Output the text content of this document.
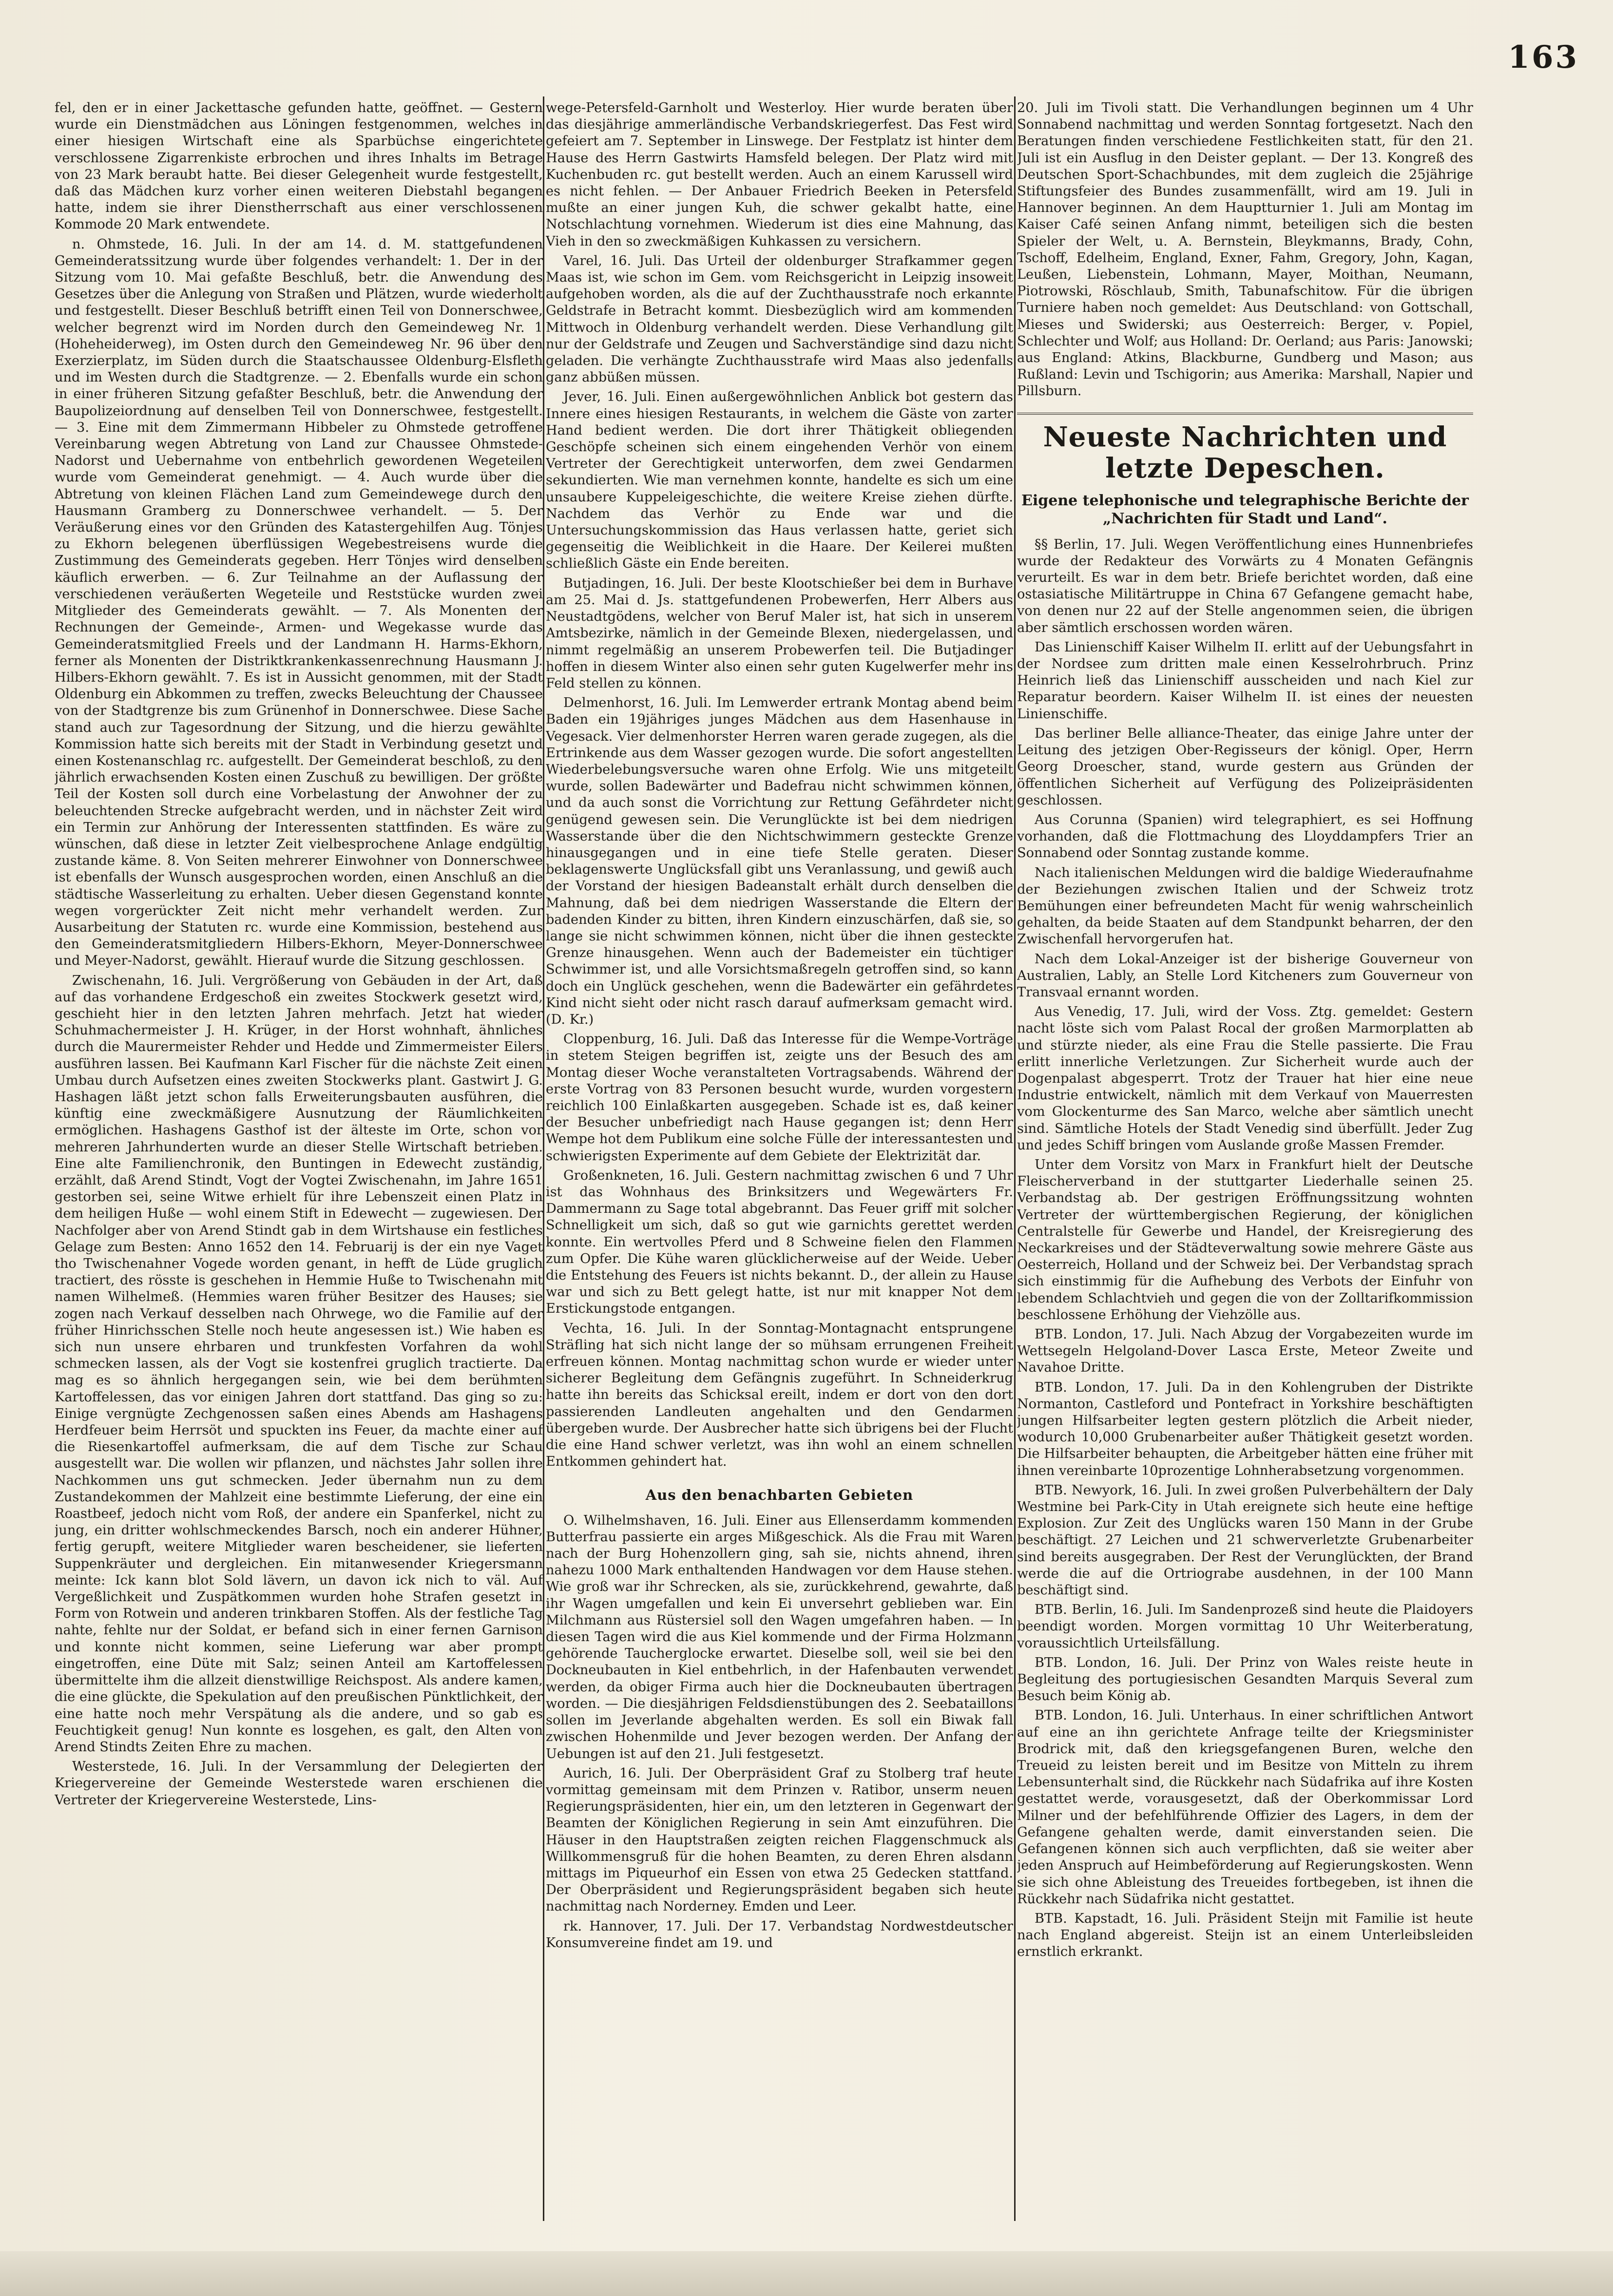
163

fel, den er in einer Jackettasche gefunden hatte, geöffnet. — Gestern wurde ein Dienstmädchen aus Löningen festgenommen, welches in einer hiesigen Wirtschaft eine als Sparbüchse eingerichtete verschlossene Zigarrenkiste erbrochen und ihres Inhalts im Betrage von 23 Mark beraubt hatte. Bei dieser Gelegenheit wurde festgestellt, daß das Mädchen kurz vorher einen weiteren Diebstahl begangen hatte, indem sie ihrer Dienstherrschaft aus einer verschlossenen Kommode 20 Mark entwendete.

n. Ohmstede, 16. Juli. In der am 14. d. M. stattgefundenen Gemeinderatssitzung wurde über folgendes verhandelt: 1. Der in der Sitzung vom 10. Mai gefaßte Beschluß, betr. die Anwendung des Gesetzes über die Anlegung von Straßen und Plätzen, wurde wiederholt und festgestellt. Dieser Beschluß betrifft einen Teil von Donnerschwee, welcher begrenzt wird im Norden durch den Gemeindeweg Nr. 1 (Hoheheiderweg), im Osten durch den Gemeindeweg Nr. 96 über den Exerzierplatz, im Süden durch die Staatschaussee Oldenburg-Elsfleth und im Westen durch die Stadtgrenze. — 2. Ebenfalls wurde ein schon in einer früheren Sitzung gefaßter Beschluß, betr. die Anwendung der Baupolizeiordnung auf denselben Teil von Donnerschwee, festgestellt. — 3. Eine mit dem Zimmermann Hibbeler zu Ohmstede getroffene Vereinbarung wegen Abtretung von Land zur Chaussee Ohmstede-Nadorst und Uebernahme von entbehrlich gewordenen Wegeteilen wurde vom Gemeinderat genehmigt. — 4. Auch wurde über die Abtretung von kleinen Flächen Land zum Gemeindewege durch den Hausmann Gramberg zu Donnerschwee verhandelt. — 5. Der Veräußerung eines vor den Gründen des Katastergehilfen Aug. Tönjes zu Ekhorn belegenen überflüssigen Wegebestreisens wurde die Zustimmung des Gemeinderats gegeben. Herr Tönjes wird denselben käuflich erwerben. — 6. Zur Teilnahme an der Auflassung der verschiedenen veräußerten Wegeteile und Reststücke wurden zwei Mitglieder des Gemeinderats gewählt. — 7. Als Monenten der Rechnungen der Gemeinde-, Armen- und Wegekasse wurde das Gemeinderatsmitglied Freels und der Landmann H. Harms-Ekhorn, ferner als Monenten der Distriktkrankenkassenrechnung Hausmann J. Hilbers-Ekhorn gewählt. 7. Es ist in Aussicht genommen, mit der Stadt Oldenburg ein Abkommen zu treffen, zwecks Beleuchtung der Chaussee von der Stadtgrenze bis zum Grünenhof in Donnerschwee. Diese Sache stand auch zur Tagesordnung der Sitzung, und die hierzu gewählte Kommission hatte sich bereits mit der Stadt in Verbindung gesetzt und einen Kostenanschlag rc. aufgestellt. Der Gemeinderat beschloß, zu den jährlich erwachsenden Kosten einen Zuschuß zu bewilligen. Der größte Teil der Kosten soll durch eine Vorbelastung der Anwohner der zu beleuchtenden Strecke aufgebracht werden, und in nächster Zeit wird ein Termin zur Anhörung der Interessenten stattfinden. Es wäre zu wünschen, daß diese in letzter Zeit vielbesprochene Anlage endgültig zustande käme. 8. Von Seiten mehrerer Einwohner von Donnerschwee ist ebenfalls der Wunsch ausgesprochen worden, einen Anschluß an die städtische Wasserleitung zu erhalten. Ueber diesen Gegenstand konnte wegen vorgerückter Zeit nicht mehr verhandelt werden. Zur Ausarbeitung der Statuten rc. wurde eine Kommission, bestehend aus den Gemeinderatsmitgliedern Hilbers-Ekhorn, Meyer-Donnerschwee und Meyer-Nadorst, gewählt. Hierauf wurde die Sitzung geschlossen.

Zwischenahn, 16. Juli. Vergrößerung von Gebäuden in der Art, daß auf das vorhandene Erdgeschoß ein zweites Stockwerk gesetzt wird, geschieht hier in den letzten Jahren mehrfach. Jetzt hat wieder Schuhmachermeister J. H. Krüger, in der Horst wohnhaft, ähnliches durch die Maurermeister Rehder und Hedde und Zimmermeister Eilers ausführen lassen. Bei Kaufmann Karl Fischer für die nächste Zeit einen Umbau durch Aufsetzen eines zweiten Stockwerks plant. Gastwirt J. G. Hashagen läßt jetzt schon falls Erweiterungsbauten ausführen, die künftig eine zweckmäßigere Ausnutzung der Räumlichkeiten ermöglichen. Hashagens Gasthof ist der älteste im Orte, schon vor mehreren Jahrhunderten wurde an dieser Stelle Wirtschaft betrieben. Eine alte Familienchronik, den Buntingen in Edewecht zuständig, erzählt, daß Arend Stindt, Vogt der Vogtei Zwischenahn, im Jahre 1651 gestorben sei, seine Witwe erhielt für ihre Lebenszeit einen Platz in dem heiligen Huße — wohl einem Stift in Edewecht — zugewiesen. Der Nachfolger aber von Arend Stindt gab in dem Wirtshause ein festliches Gelage zum Besten: Anno 1652 den 14. Februarij is der ein nye Vaget tho Twischenahner Vogede worden genant, in hefft de Lüde gruglich tractiert, des rösste is geschehen in Hemmie Huße to Twischenahn mit namen Wilhelmeß. (Hemmies waren früher Besitzer des Hauses; sie zogen nach Verkauf desselben nach Ohrwege, wo die Familie auf der früher Hinrichsschen Stelle noch heute angesessen ist.) Wie haben es sich nun unsere ehrbaren und trunkfesten Vorfahren da wohl schmecken lassen, als der Vogt sie kostenfrei gruglich tractierte. Da mag es so ähnlich hergegangen sein, wie bei dem berühmten Kartoffelessen, das vor einigen Jahren dort stattfand. Das ging so zu: Einige vergnügte Zechgenossen saßen eines Abends am Hashagens Herdfeuer beim Herrsöt und spuckten ins Feuer, da machte einer auf die Riesenkartoffel aufmerksam, die auf dem Tische zur Schau ausgestellt war. Die wollen wir pflanzen, und nächstes Jahr sollen ihre Nachkommen uns gut schmecken. Jeder übernahm nun zu dem Zustandekommen der Mahlzeit eine bestimmte Lieferung, der eine ein Roastbeef, jedoch nicht vom Roß, der andere ein Spanferkel, nicht zu jung, ein dritter wohlschmeckendes Barsch, noch ein anderer Hühner, fertig gerupft, weitere Mitglieder waren bescheidener, sie lieferten Suppenkräuter und dergleichen. Ein mitanwesender Kriegersmann meinte: Ick kann blot Sold lävern, un davon ick nich to väl. Auf Vergeßlichkeit und Zuspätkommen wurden hohe Strafen gesetzt in Form von Rotwein und anderen trinkbaren Stoffen. Als der festliche Tag nahte, fehlte nur der Soldat, er befand sich in einer fernen Garnison und konnte nicht kommen, seine Lieferung war aber prompt eingetroffen, eine Düte mit Salz; seinen Anteil am Kartoffelessen übermittelte ihm die allzeit dienstwillige Reichspost. Als andere kamen, die eine glückte, die Spekulation auf den preußischen Pünktlichkeit, der eine hatte noch mehr Verspätung als die andere, und so gab es Feuchtigkeit genug! Nun konnte es losgehen, es galt, den Alten von Arend Stindts Zeiten Ehre zu machen.

Westerstede, 16. Juli. In der Versammlung der Delegierten der Kriegervereine der Gemeinde Westerstede waren erschienen die Vertreter der Kriegervereine Westerstede, Lins-

wege-Petersfeld-Garnholt und Westerloy. Hier wurde beraten über das diesjährige ammerländische Verbandskriegerfest. Das Fest wird gefeiert am 7. September in Linswege. Der Festplatz ist hinter dem Hause des Herrn Gastwirts Hamsfeld belegen. Der Platz wird mit Kuchenbuden rc. gut bestellt werden. Auch an einem Karussell wird es nicht fehlen. — Der Anbauer Friedrich Beeken in Petersfeld mußte an einer jungen Kuh, die schwer gekalbt hatte, eine Notschlachtung vornehmen. Wiederum ist dies eine Mahnung, das Vieh in den so zweckmäßigen Kuhkassen zu versichern.

Varel, 16. Juli. Das Urteil der oldenburger Strafkammer gegen Maas ist, wie schon im Gem. vom Reichsgericht in Leipzig insoweit aufgehoben worden, als die auf der Zuchthausstrafe noch erkannte Geldstrafe in Betracht kommt. Diesbezüglich wird am kommenden Mittwoch in Oldenburg verhandelt werden. Diese Verhandlung gilt nur der Geldstrafe und Zeugen und Sachverständige sind dazu nicht geladen. Die verhängte Zuchthausstrafe wird Maas also jedenfalls ganz abbüßen müssen.

Jever, 16. Juli. Einen außergewöhnlichen Anblick bot gestern das Innere eines hiesigen Restaurants, in welchem die Gäste von zarter Hand bedient werden. Die dort ihrer Thätigkeit obliegenden Geschöpfe scheinen sich einem eingehenden Verhör von einem Vertreter der Gerechtigkeit unterworfen, dem zwei Gendarmen sekundierten. Wie man vernehmen konnte, handelte es sich um eine unsaubere Kuppeleigeschichte, die weitere Kreise ziehen dürfte. Nachdem das Verhör zu Ende war und die Untersuchungskommission das Haus verlassen hatte, geriet sich gegenseitig die Weiblichkeit in die Haare. Der Keilerei mußten schließlich Gäste ein Ende bereiten.

Butjadingen, 16. Juli. Der beste Klootschießer bei dem in Burhave am 25. Mai d. Js. stattgefundenen Probewerfen, Herr Albers aus Neustadtgödens, welcher von Beruf Maler ist, hat sich in unserem Amtsbezirke, nämlich in der Gemeinde Blexen, niedergelassen, und nimmt regelmäßig an unserem Probewerfen teil. Die Butjadinger hoffen in diesem Winter also einen sehr guten Kugelwerfer mehr ins Feld stellen zu können.

Delmenhorst, 16. Juli. Im Lemwerder ertrank Montag abend beim Baden ein 19jähriges junges Mädchen aus dem Hasenhause in Vegesack. Vier delmenhorster Herren waren gerade zugegen, als die Ertrinkende aus dem Wasser gezogen wurde. Die sofort angestellten Wiederbelebungsversuche waren ohne Erfolg. Wie uns mitgeteilt wurde, sollen Badewärter und Badefrau nicht schwimmen können, und da auch sonst die Vorrichtung zur Rettung Gefährdeter nicht genügend gewesen sein. Die Verunglückte ist bei dem niedrigen Wasserstande über die den Nichtschwimmern gesteckte Grenze hinausgegangen und in eine tiefe Stelle geraten. Dieser beklagenswerte Unglücksfall gibt uns Veranlassung, und gewiß auch der Vorstand der hiesigen Badeanstalt erhält durch denselben die Mahnung, daß bei dem niedrigen Wasserstande die Eltern der badenden Kinder zu bitten, ihren Kindern einzuschärfen, daß sie, so lange sie nicht schwimmen können, nicht über die ihnen gesteckte Grenze hinausgehen. Wenn auch der Bademeister ein tüchtiger Schwimmer ist, und alle Vorsichtsmaßregeln getroffen sind, so kann doch ein Unglück geschehen, wenn die Badewärter ein gefährdetes Kind nicht sieht oder nicht rasch darauf aufmerksam gemacht wird. (D. Kr.)

Cloppenburg, 16. Juli. Daß das Interesse für die Wempe-Vorträge in stetem Steigen begriffen ist, zeigte uns der Besuch des am Montag dieser Woche veranstalteten Vortragsabends. Während der erste Vortrag von 83 Personen besucht wurde, wurden vorgestern reichlich 100 Einlaßkarten ausgegeben. Schade ist es, daß keiner der Besucher unbefriedigt nach Hause gegangen ist; denn Herr Wempe hot dem Publikum eine solche Fülle der interessantesten und schwierigsten Experimente auf dem Gebiete der Elektrizität dar.

Großenkneten, 16. Juli. Gestern nachmittag zwischen 6 und 7 Uhr ist das Wohnhaus des Brinksitzers und Wegewärters Fr. Dammermann zu Sage total abgebrannt. Das Feuer griff mit solcher Schnelligkeit um sich, daß so gut wie garnichts gerettet werden konnte. Ein wertvolles Pferd und 8 Schweine fielen den Flammen zum Opfer. Die Kühe waren glücklicherweise auf der Weide. Ueber die Entstehung des Feuers ist nichts bekannt. D., der allein zu Hause war und sich zu Bett gelegt hatte, ist nur mit knapper Not dem Erstickungstode entgangen.

Vechta, 16. Juli. In der Sonntag-Montagnacht entsprungene Sträfling hat sich nicht lange der so mühsam errungenen Freiheit erfreuen können. Montag nachmittag schon wurde er wieder unter sicherer Begleitung dem Gefängnis zugeführt. In Schneiderkrug hatte ihn bereits das Schicksal ereilt, indem er dort von den dort passierenden Landleuten angehalten und den Gendarmen übergeben wurde. Der Ausbrecher hatte sich übrigens bei der Flucht die eine Hand schwer verletzt, was ihn wohl an einem schnellen Entkommen gehindert hat.

Aus den benachbarten Gebieten

O. Wilhelmshaven, 16. Juli. Einer aus Ellenserdamm kommenden Butterfrau passierte ein arges Mißgeschick. Als die Frau mit Waren nach der Burg Hohenzollern ging, sah sie, nichts ahnend, ihren nahezu 1000 Mark enthaltenden Handwagen vor dem Hause stehen. Wie groß war ihr Schrecken, als sie, zurückkehrend, gewahrte, daß ihr Wagen umgefallen und kein Ei unversehrt geblieben war. Ein Milchmann aus Rüstersiel soll den Wagen umgefahren haben. — In diesen Tagen wird die aus Kiel kommende und der Firma Holzmann gehörende Taucherglocke erwartet. Dieselbe soll, weil sie bei den Dockneubauten in Kiel entbehrlich, in der Hafenbauten verwendet werden, da obiger Firma auch hier die Dockneubauten übertragen worden. — Die diesjährigen Feldsdienstübungen des 2. Seebataillons sollen im Jeverlande abgehalten werden. Es soll ein Biwak fall zwischen Hohenmilde und Jever bezogen werden. Der Anfang der Uebungen ist auf den 21. Juli festgesetzt.

Aurich, 16. Juli. Der Oberpräsident Graf zu Stolberg traf heute vormittag gemeinsam mit dem Prinzen v. Ratibor, unserm neuen Regierungspräsidenten, hier ein, um den letzteren in Gegenwart der Beamten der Königlichen Regierung in sein Amt einzuführen. Die Häuser in den Hauptstraßen zeigten reichen Flaggenschmuck als Willkommensgruß für die hohen Beamten, zu deren Ehren alsdann mittags im Piqueurhof ein Essen von etwa 25 Gedecken stattfand. Der Oberpräsident und Regierungspräsident begaben sich heute nachmittag nach Norderney. Emden und Leer.

rk. Hannover, 17. Juli. Der 17. Verbandstag Nordwestdeutscher Konsumvereine findet am 19. und

20. Juli im Tivoli statt. Die Verhandlungen beginnen um 4 Uhr Sonnabend nachmittag und werden Sonntag fortgesetzt. Nach den Beratungen finden verschiedene Festlichkeiten statt, für den 21. Juli ist ein Ausflug in den Deister geplant. — Der 13. Kongreß des Deutschen Sport-Schachbundes, mit dem zugleich die 25jährige Stiftungsfeier des Bundes zusammenfällt, wird am 19. Juli in Hannover beginnen. An dem Hauptturnier 1. Juli am Montag im Kaiser Café seinen Anfang nimmt, beteiligen sich die besten Spieler der Welt, u. A. Bernstein, Bleykmanns, Brady, Cohn, Tschoff, Edelheim, England, Exner, Fahm, Gregory, John, Kagan, Leußen, Liebenstein, Lohmann, Mayer, Moithan, Neumann, Piotrowski, Röschlaub, Smith, Tabunafschitow. Für die übrigen Turniere haben noch gemeldet: Aus Deutschland: von Gottschall, Mieses und Swiderski; aus Oesterreich: Berger, v. Popiel, Schlechter und Wolf; aus Holland: Dr. Oerland; aus Paris: Janowski; aus England: Atkins, Blackburne, Gundberg und Mason; aus Rußland: Levin und Tschigorin; aus Amerika: Marshall, Napier und Pillsburn.

Neueste Nachrichten und letzte Depeschen.
Eigene telephonische und telegraphische Berichte der „Nachrichten für Stadt und Land“.

§§ Berlin, 17. Juli. Wegen Veröffentlichung eines Hunnenbriefes wurde der Redakteur des Vorwärts zu 4 Monaten Gefängnis verurteilt. Es war in dem betr. Briefe berichtet worden, daß eine ostasiatische Militärtruppe in China 67 Gefangene gemacht habe, von denen nur 22 auf der Stelle angenommen seien, die übrigen aber sämtlich erschossen worden wären.

Das Linienschiff Kaiser Wilhelm II. erlitt auf der Uebungsfahrt in der Nordsee zum dritten male einen Kesselrohrbruch. Prinz Heinrich ließ das Linienschiff ausscheiden und nach Kiel zur Reparatur beordern. Kaiser Wilhelm II. ist eines der neuesten Linienschiffe.

Das berliner Belle alliance-Theater, das einige Jahre unter der Leitung des jetzigen Ober-Regisseurs der königl. Oper, Herrn Georg Droescher, stand, wurde gestern aus Gründen der öffentlichen Sicherheit auf Verfügung des Polizeipräsidenten geschlossen.

Aus Corunna (Spanien) wird telegraphiert, es sei Hoffnung vorhanden, daß die Flottmachung des Lloyddampfers Trier an Sonnabend oder Sonntag zustande komme.

Nach italienischen Meldungen wird die baldige Wiederaufnahme der Beziehungen zwischen Italien und der Schweiz trotz Bemühungen einer befreundeten Macht für wenig wahrscheinlich gehalten, da beide Staaten auf dem Standpunkt beharren, der den Zwischenfall hervorgerufen hat.

Nach dem Lokal-Anzeiger ist der bisherige Gouverneur von Australien, Lably, an Stelle Lord Kitcheners zum Gouverneur von Transvaal ernannt worden.

Aus Venedig, 17. Juli, wird der Voss. Ztg. gemeldet: Gestern nacht löste sich vom Palast Rocal der großen Marmorplatten ab und stürzte nieder, als eine Frau die Stelle passierte. Die Frau erlitt innerliche Verletzungen. Zur Sicherheit wurde auch der Dogenpalast abgesperrt. Trotz der Trauer hat hier eine neue Industrie entwickelt, nämlich mit dem Verkauf von Mauerresten vom Glockenturme des San Marco, welche aber sämtlich unecht sind. Sämtliche Hotels der Stadt Venedig sind überfüllt. Jeder Zug und jedes Schiff bringen vom Auslande große Massen Fremder.

Unter dem Vorsitz von Marx in Frankfurt hielt der Deutsche Fleischerverband in der stuttgarter Liederhalle seinen 25. Verbandstag ab. Der gestrigen Eröffnungssitzung wohnten Vertreter der württembergischen Regierung, der königlichen Centralstelle für Gewerbe und Handel, der Kreisregierung des Neckarkreises und der Städteverwaltung sowie mehrere Gäste aus Oesterreich, Holland und der Schweiz bei. Der Verbandstag sprach sich einstimmig für die Aufhebung des Verbots der Einfuhr von lebendem Schlachtvieh und gegen die von der Zolltarifkommission beschlossene Erhöhung der Viehzölle aus.

BTB. London, 17. Juli. Nach Abzug der Vorgabezeiten wurde im Wettsegeln Helgoland-Dover Lasca Erste, Meteor Zweite und Navahoe Dritte.

BTB. London, 17. Juli. Da in den Kohlengruben der Distrikte Normanton, Castleford und Pontefract in Yorkshire beschäftigten jungen Hilfsarbeiter legten gestern plötzlich die Arbeit nieder, wodurch 10,000 Grubenarbeiter außer Thätigkeit gesetzt worden. Die Hilfsarbeiter behaupten, die Arbeitgeber hätten eine früher mit ihnen vereinbarte 10prozentige Lohnherabsetzung vorgenommen.

BTB. Newyork, 16. Juli. In zwei großen Pulverbehältern der Daly Westmine bei Park-City in Utah ereignete sich heute eine heftige Explosion. Zur Zeit des Unglücks waren 150 Mann in der Grube beschäftigt. 27 Leichen und 21 schwerverletzte Grubenarbeiter sind bereits ausgegraben. Der Rest der Verunglückten, der Brand werde die auf die Ortriograbe ausdehnen, in der 100 Mann beschäftigt sind.

BTB. Berlin, 16. Juli. Im Sandenprozeß sind heute die Plaidoyers beendigt worden. Morgen vormittag 10 Uhr Weiterberatung, voraussichtlich Urteilsfällung.

BTB. London, 16. Juli. Der Prinz von Wales reiste heute in Begleitung des portugiesischen Gesandten Marquis Several zum Besuch beim König ab.

BTB. London, 16. Juli. Unterhaus. In einer schriftlichen Antwort auf eine an ihn gerichtete Anfrage teilte der Kriegsminister Brodrick mit, daß den kriegsgefangenen Buren, welche den Treueid zu leisten bereit und im Besitze von Mitteln zu ihrem Lebensunterhalt sind, die Rückkehr nach Südafrika auf ihre Kosten gestattet werde, vorausgesetzt, daß der Oberkommissar Lord Milner und der befehlführende Offizier des Lagers, in dem der Gefangene gehalten werde, damit einverstanden seien. Die Gefangenen können sich auch verpflichten, daß sie weiter aber jeden Anspruch auf Heimbeförderung auf Regierungskosten. Wenn sie sich ohne Ableistung des Treueides fortbegeben, ist ihnen die Rückkehr nach Südafrika nicht gestattet.

BTB. Kapstadt, 16. Juli. Präsident Steijn mit Familie ist heute nach England abgereist. Steijn ist an einem Unterleibsleiden ernstlich erkrankt.
